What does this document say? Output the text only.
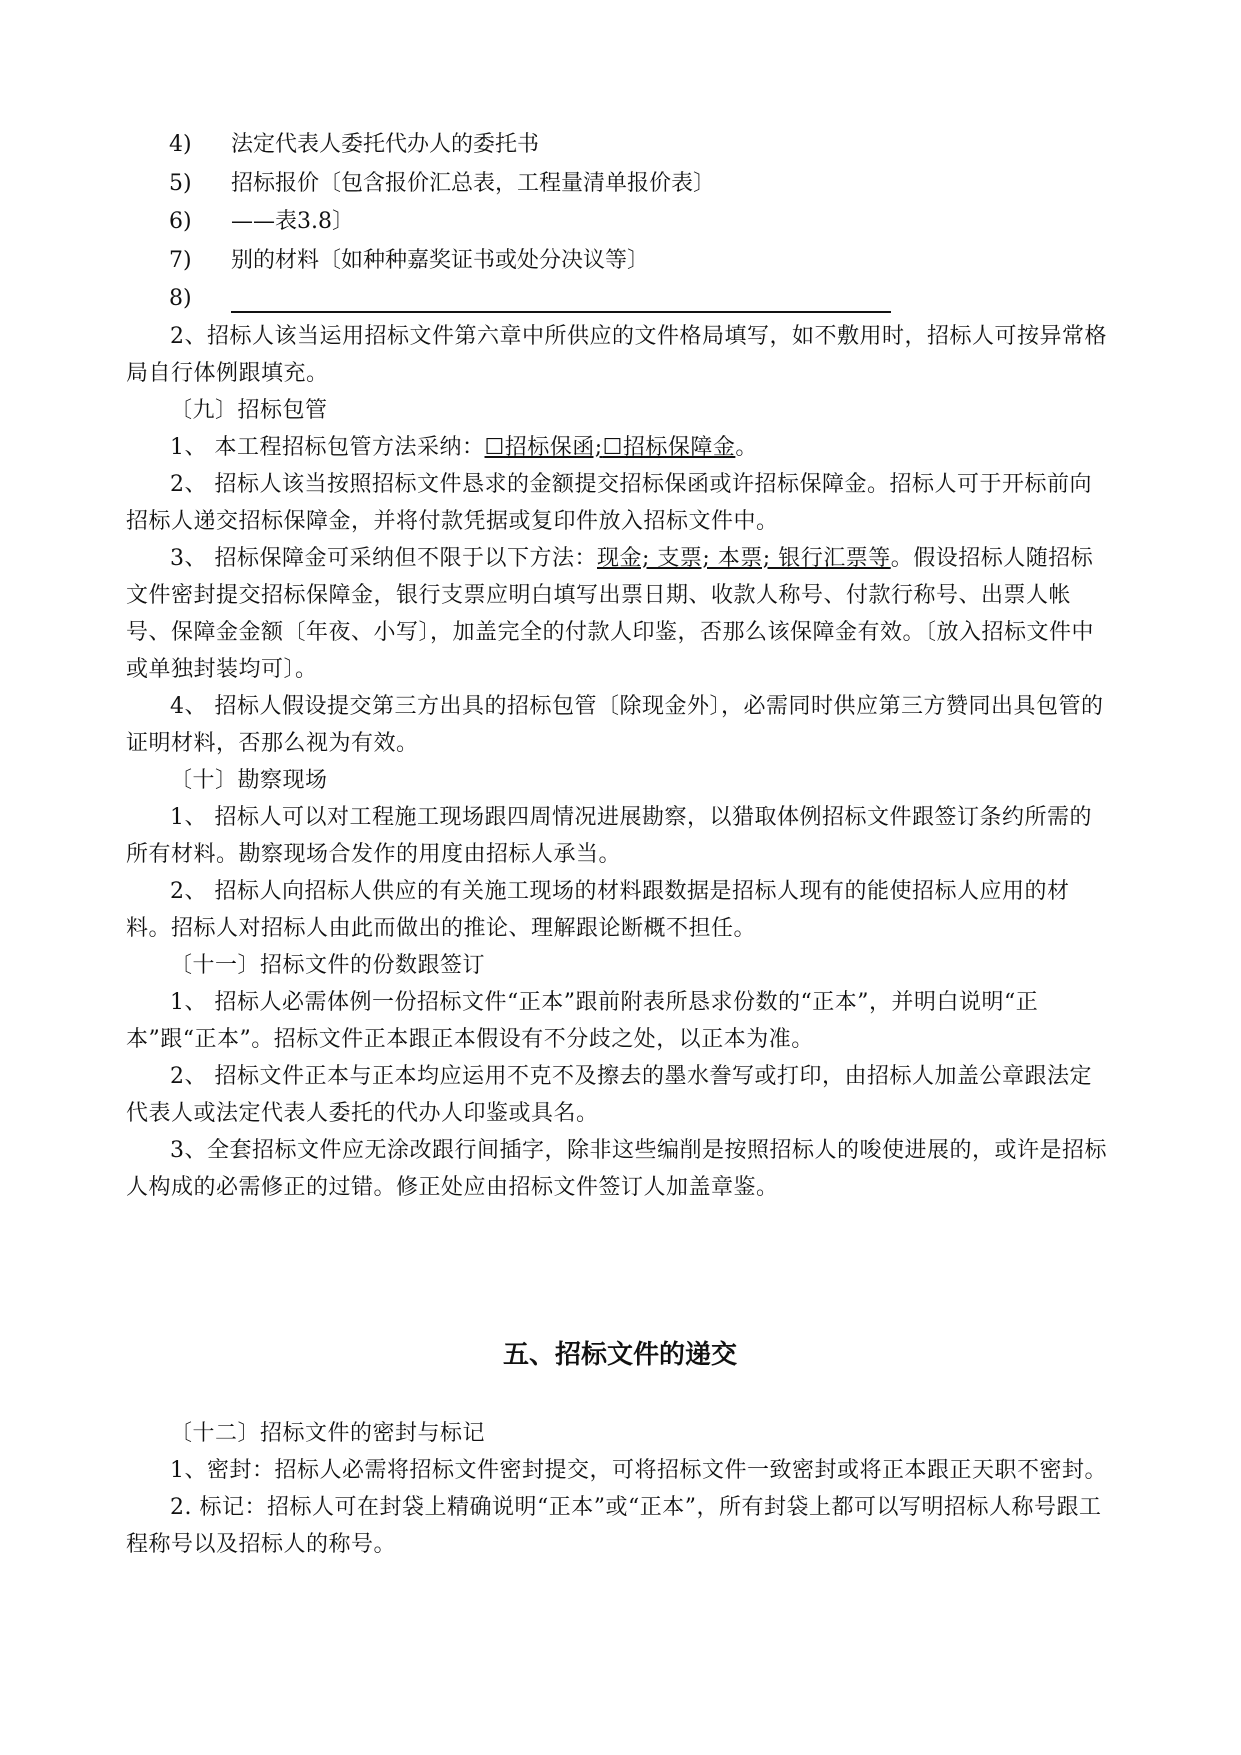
4) 法定代表人委托代办人的委托书
5) 招标报价〔包含报价汇总表，工程量清单报价表〕
6) ——表3.8〕
7) 别的材料〔如种种嘉奖证书或处分决议等〕
8)

2、招标人该当运用招标文件第六章中所供应的文件格局填写，如不敷用时，招标人可按异常格局自行体例跟填充。

〔九〕招标包管

1、 本工程招标包管方法采纳：☐招标保函;☐招标保障金。

2、 招标人该当按照招标文件恳求的金额提交招标保函或许招标保障金。招标人可于开标前向招标人递交招标保障金，并将付款凭据或复印件放入招标文件中。

3、 招标保障金可采纳但不限于以下方法：现金; 支票; 本票; 银行汇票等。假设招标人随招标文件密封提交招标保障金，银行支票应明白填写出票日期、收款人称号、付款行称号、出票人帐号、保障金金额〔年夜、小写〕，加盖完全的付款人印鉴，否那么该保障金有效。〔放入招标文件中或单独封装均可〕。

4、 招标人假设提交第三方出具的招标包管〔除现金外〕，必需同时供应第三方赞同出具包管的证明材料，否那么视为有效。

〔十〕勘察现场

1、 招标人可以对工程施工现场跟四周情况进展勘察，以猎取体例招标文件跟签订条约所需的所有材料。勘察现场合发作的用度由招标人承当。

2、 招标人向招标人供应的有关施工现场的材料跟数据是招标人现有的能使招标人应用的材料。招标人对招标人由此而做出的推论、理解跟论断概不担任。

〔十一〕招标文件的份数跟签订

1、 招标人必需体例一份招标文件“正本”跟前附表所恳求份数的“正本”，并明白说明“正本”跟“正本”。招标文件正本跟正本假设有不分歧之处，以正本为准。

2、 招标文件正本与正本均应运用不克不及擦去的墨水誊写或打印，由招标人加盖公章跟法定代表人或法定代表人委托的代办人印鉴或具名。

3、全套招标文件应无涂改跟行间插字，除非这些编削是按照招标人的唆使进展的，或许是招标人构成的必需修正的过错。修正处应由招标文件签订人加盖章鉴。

五、招标文件的递交

〔十二〕招标文件的密封与标记

1、密封：招标人必需将招标文件密封提交，可将招标文件一致密封或将正本跟正天职不密封。

2. 标记：招标人可在封袋上精确说明“正本”或“正本”，所有封袋上都可以写明招标人称号跟工程称号以及招标人的称号。
